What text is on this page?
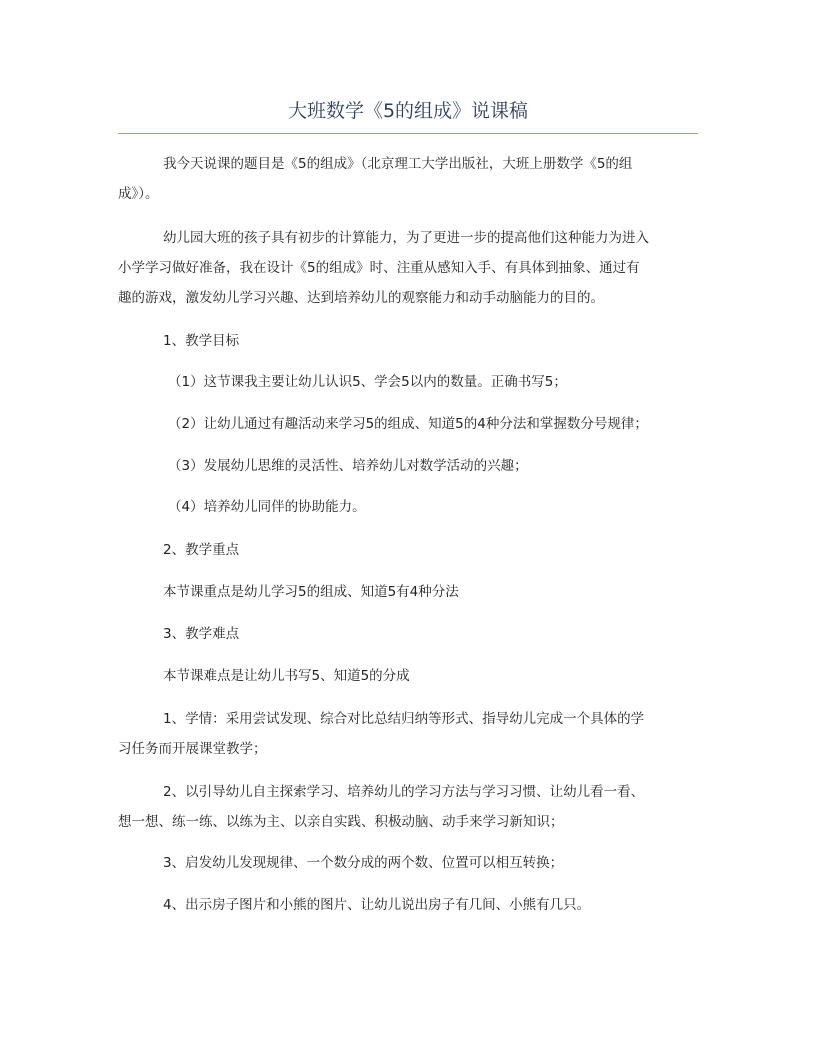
大班数学《5的组成》说课稿
我今天说课的题目是《5的组成》（北京理工大学出版社，大班上册数学《5的组
成》）。
幼儿园大班的孩子具有初步的计算能力，为了更进一步的提高他们这种能力为进入
小学学习做好准备，我在设计《5的组成》时、注重从感知入手、有具体到抽象、通过有
趣的游戏，激发幼儿学习兴趣、达到培养幼儿的观察能力和动手动脑能力的目的。
1、教学目标
（1）这节课我主要让幼儿认识5、学会5以内的数量。正确书写5；
（2）让幼儿通过有趣活动来学习5的组成、知道5的4种分法和掌握数分号规律；
（3）发展幼儿思维的灵活性、培养幼儿对数学活动的兴趣；
（4）培养幼儿同伴的协助能力。
2、教学重点
本节课重点是幼儿学习5的组成、知道5有4种分法
3、教学难点
本节课难点是让幼儿书写5、知道5的分成
1、学情：采用尝试发现、综合对比总结归纳等形式、指导幼儿完成一个具体的学
习任务而开展课堂教学；
2、以引导幼儿自主探索学习、培养幼儿的学习方法与学习习惯、让幼儿看一看、
想一想、练一练、以练为主、以亲自实践、积极动脑、动手来学习新知识；
3、启发幼儿发现规律、一个数分成的两个数、位置可以相互转换；
4、出示房子图片和小熊的图片、让幼儿说出房子有几间、小熊有几只。
